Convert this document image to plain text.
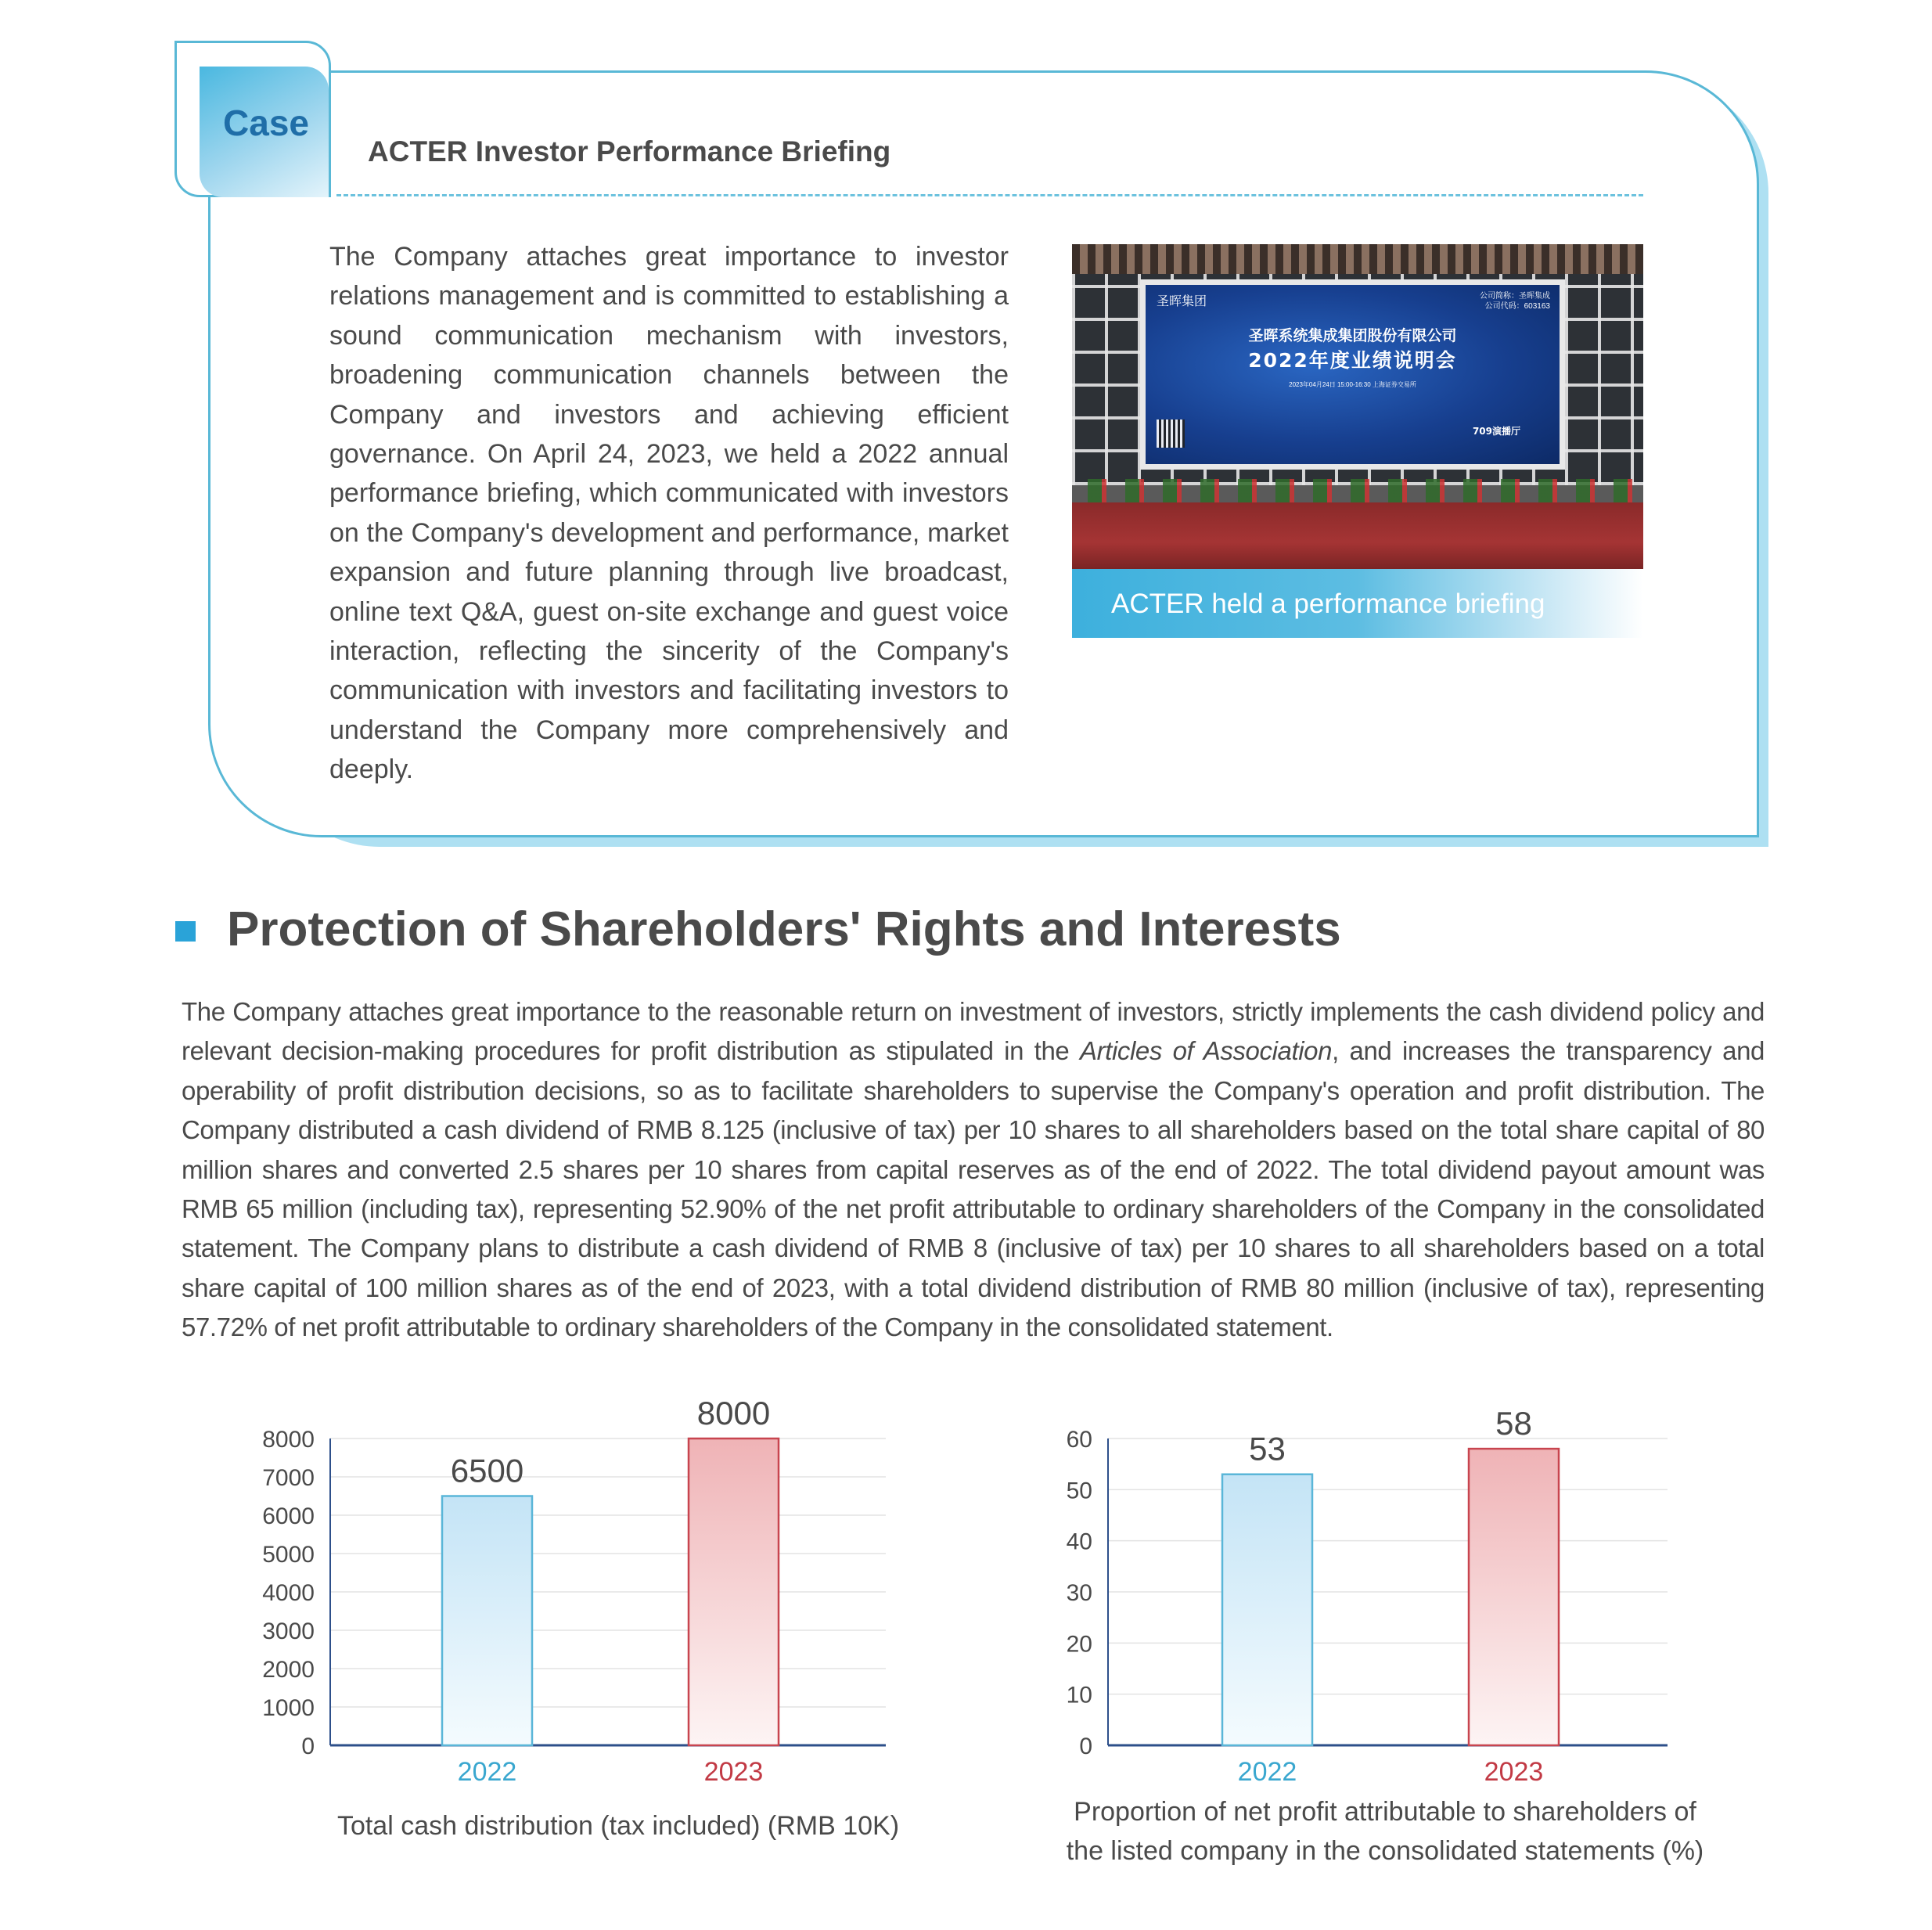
Case
ACTER Investor Performance Briefing
The Company attaches great importance to investor relations management and is committed to establishing a sound communication mechanism with investors, broadening communication channels between the Company and investors and achieving efficient governance. On April 24, 2023, we held a 2022 annual performance briefing, which communicated with investors on the Company's development and performance, market expansion and future planning through live broadcast, online text Q&A, guest on-site exchange and guest voice interaction, reflecting the sincerity of the Company's communication with investors and facilitating investors to understand the Company more comprehensively and deeply.
圣晖集团	公司简称：圣晖集成
公司代码：603163
圣晖系统集成集团股份有限公司
2022年度业绩说明会
2023年04月24日 15:00-16:30 上海证券交易所
709演播厅
ACTER held a performance briefing
Protection of Shareholders' Rights and Interests
The Company attaches great importance to the reasonable return on investment of investors, strictly implements the cash dividend policy and relevant decision-making procedures for profit distribution as stipulated in the Articles of Association, and increases the transparency and operability of profit distribution decisions, so as to facilitate shareholders to supervise the Company's operation and profit distribution. The Company distributed a cash dividend of RMB 8.125 (inclusive of tax) per 10 shares to all shareholders based on the total share capital of 80 million shares and converted 2.5 shares per 10 shares from capital reserves as of the end of 2022. The total dividend payout amount was RMB 65 million (including tax), representing 52.90% of the net profit attributable to ordinary shareholders of the Company in the consolidated statement. The Company plans to distribute a cash dividend of RMB 8 (inclusive of tax) per 10 shares to all shareholders based on a total share capital of 100 million shares as of the end of 2023, with a total dividend distribution of RMB 80 million (inclusive of tax), representing 57.72% of net profit attributable to ordinary shareholders of the Company in the consolidated statement.
0
1000
2000
3000
4000
5000
6000
7000
8000
6500
2022
8000
2023
Total cash distribution (tax included) (RMB 10K)
0
10
20
30
40
50
60	53
2022
58
2023
Proportion of net profit attributable to shareholders of
the listed company in the consolidated statements (%)
